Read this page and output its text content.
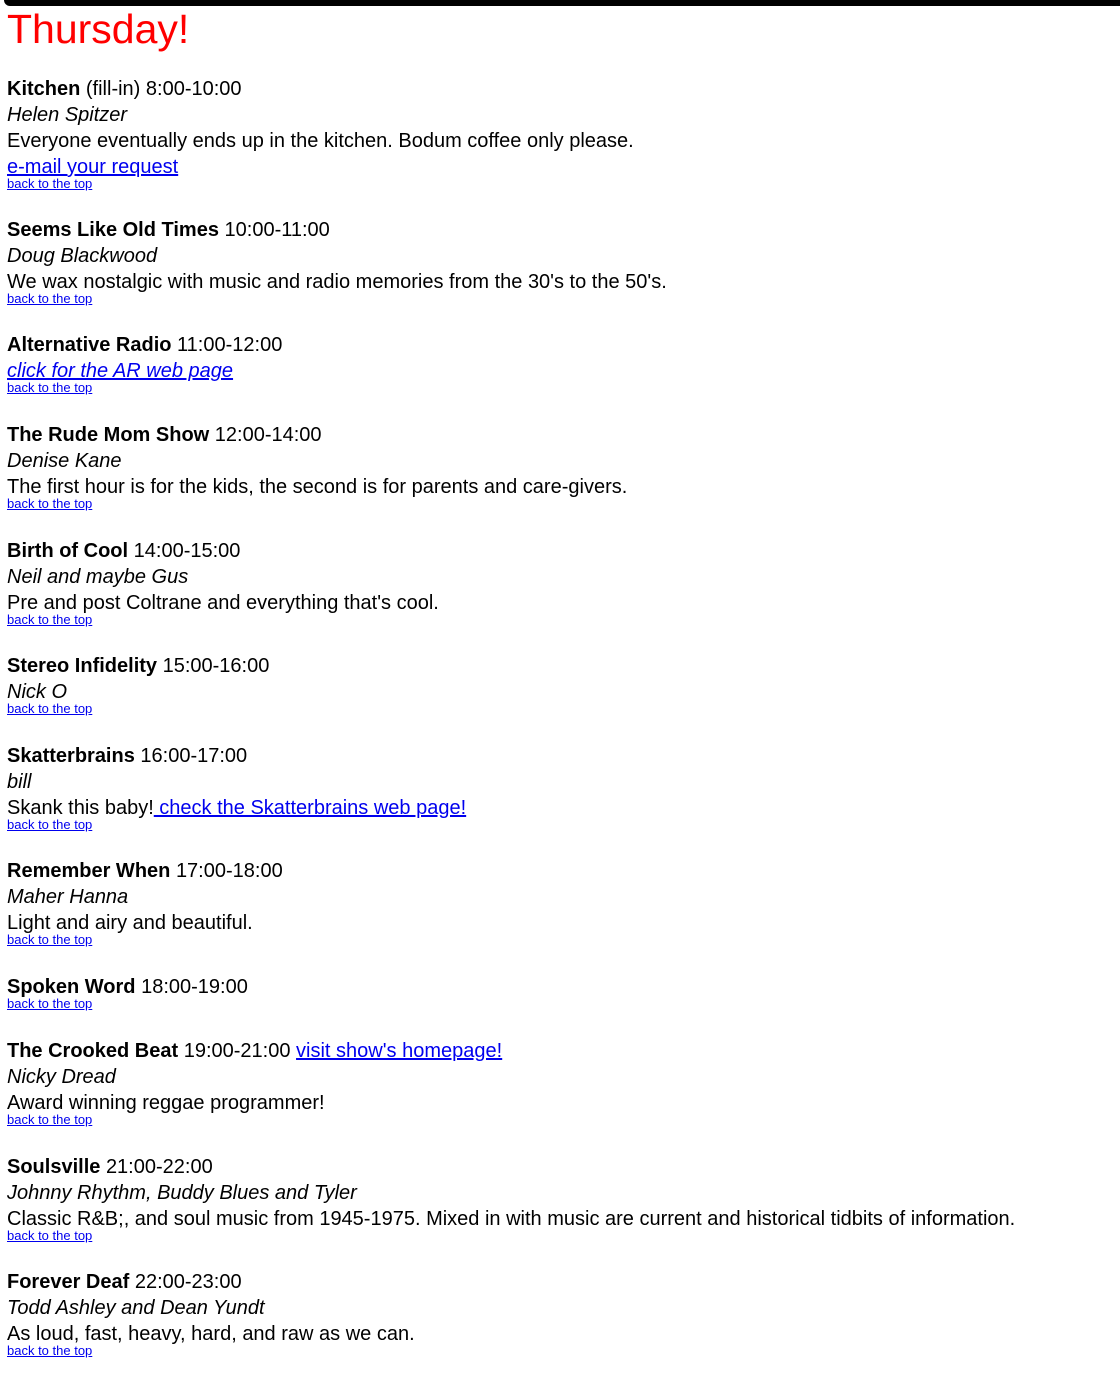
Thursday!
Kitchen (fill-in) 8:00-10:00
Helen Spitzer
Everyone eventually ends up in the kitchen. Bodum coffee only please.
e-mail your request
back to the top
Seems Like Old Times 10:00-11:00
Doug Blackwood
We wax nostalgic with music and radio memories from the 30's to the 50's.
back to the top
Alternative Radio 11:00-12:00
click for the AR web page
back to the top
The Rude Mom Show 12:00-14:00
Denise Kane
The first hour is for the kids, the second is for parents and care-givers.
back to the top
Birth of Cool 14:00-15:00
Neil and maybe Gus
Pre and post Coltrane and everything that's cool.
back to the top
Stereo Infidelity 15:00-16:00
Nick O
back to the top
Skatterbrains 16:00-17:00
bill
Skank this baby! check the Skatterbrains web page!
back to the top
Remember When 17:00-18:00
Maher Hanna
Light and airy and beautiful.
back to the top
Spoken Word 18:00-19:00
back to the top
The Crooked Beat 19:00-21:00 visit show's homepage!
Nicky Dread
Award winning reggae programmer!
back to the top
Soulsville 21:00-22:00
Johnny Rhythm, Buddy Blues and Tyler
Classic R&B;, and soul music from 1945-1975. Mixed in with music are current and historical tidbits of information.
back to the top
Forever Deaf 22:00-23:00
Todd Ashley and Dean Yundt
As loud, fast, heavy, hard, and raw as we can.
back to the top
